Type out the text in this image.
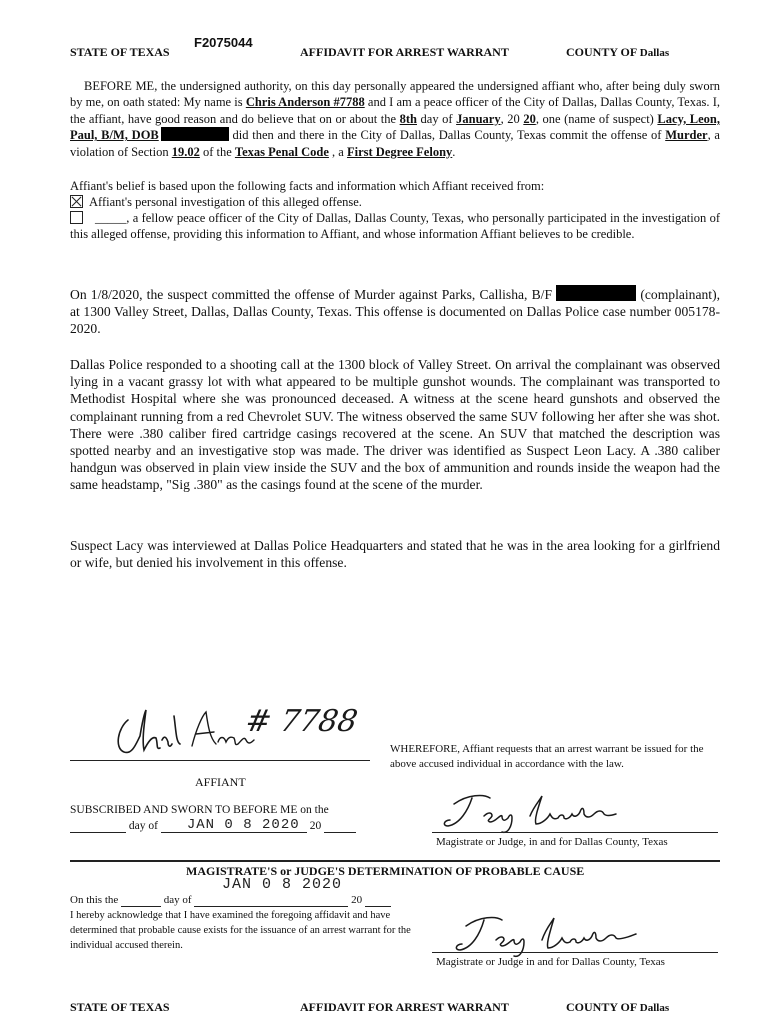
STATE OF TEXAS
F2075044
AFFIDAVIT FOR ARREST WARRANT	COUNTY OF Dallas
BEFORE ME, the undersigned authority, on this day personally appeared the undersigned affiant who, after being duly sworn by me, on oath stated: My name is Chris Anderson #7788 and I am a peace officer of the City of Dallas, Dallas County, Texas. I, the affiant, have good reason and do believe that on or about the 8th day of January, 20 20, one (name of suspect) Lacy, Leon, Paul, B/M, DOB	did then and there in the City of Dallas, Dallas County, Texas commit the offense of Murder, a violation of Section 19.02 of the Texas Penal Code , a First Degree Felony.
Affiant's belief is based upon the following facts and information which Affiant received from:
Affiant's personal investigation of this alleged offense.
_____, a fellow peace officer of the City of Dallas, Dallas County, Texas, who personally participated in the investigation of this alleged offense, providing this information to Affiant, and whose information Affiant believes to be credible.
On 1/8/2020, the suspect committed the offense of Murder against Parks, Callisha, B/F	(complainant), at 1300 Valley Street, Dallas, Dallas County, Texas. This offense is documented on Dallas Police case number 005178-2020.
Dallas Police responded to a shooting call at the 1300 block of Valley Street. On arrival the complainant was observed lying in a vacant grassy lot with what appeared to be multiple gunshot wounds. The complainant was transported to Methodist Hospital where she was pronounced deceased. A witness at the scene heard gunshots and observed the complainant running from a red Chevrolet SUV. The witness observed the same SUV following her after she was shot. There were .380 caliber fired cartridge casings recovered at the scene. An SUV that matched the description was spotted nearby and an investigative stop was made. The driver was identified as Suspect Leon Lacy. A .380 caliber handgun was observed in plain view inside the SUV and the box of ammunition and rounds inside the weapon had the same headstamp, "Sig .380" as the casings found at the scene of the murder.
Suspect Lacy was interviewed at Dallas Police Headquarters and stated that he was in the area looking for a girlfriend or wife, but denied his involvement in this offense.
# 7788
AFFIANT
WHEREFORE, Affiant requests that an arrest warrant be issued for the above accused individual in accordance with the law.
SUBSCRIBED AND SWORN TO BEFORE ME on the
day of JAN 0 8 2020 20
Magistrate or Judge, in and for Dallas County, Texas
MAGISTRATE'S or JUDGE'S DETERMINATION OF PROBABLE CAUSE
JAN 0 8 2020
On this the	day of	20
I hereby acknowledge that I have examined the foregoing affidavit and have determined that probable cause exists for the issuance of an arrest warrant for the individual accused therein.
Magistrate or Judge in and for Dallas County, Texas
STATE OF TEXAS	AFFIDAVIT FOR ARREST WARRANT	COUNTY OF Dallas
